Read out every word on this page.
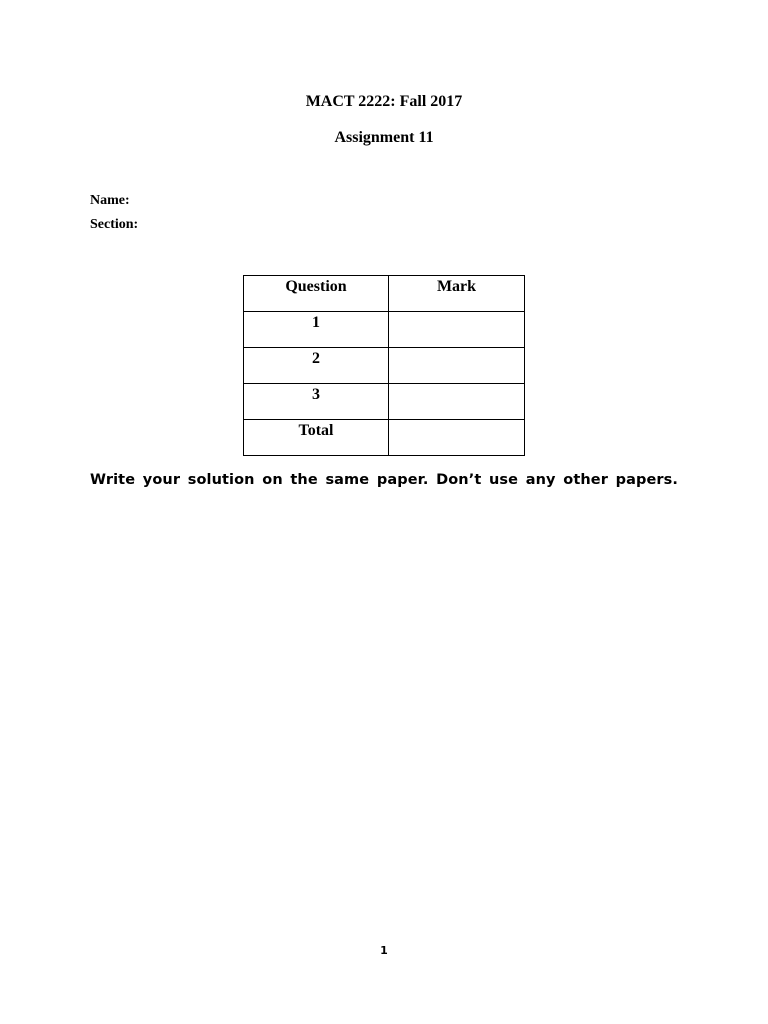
MACT 2222: Fall 2017
Assignment 11
Name:
Section:
Question	Mark
1	
2	
3	
Total	
Write your solution on the same paper. Don’t use any other papers.
1
